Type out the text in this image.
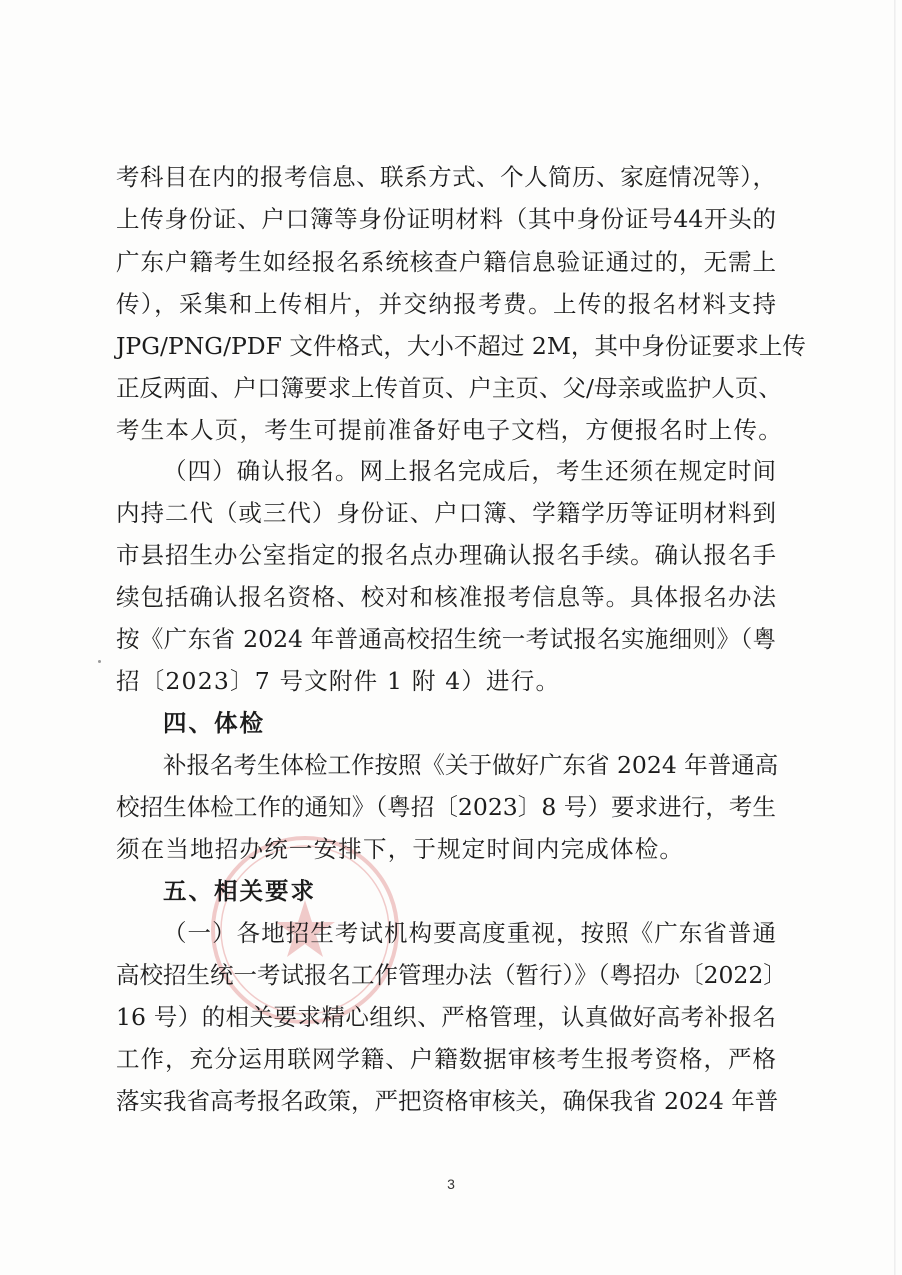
考科目在内的报考信息、联系方式、个人简历、家庭情况等），
上传身份证、户口簿等身份证明材料（其中身份证号44开头的
广东户籍考生如经报名系统核查户籍信息验证通过的，无需上
传），采集和上传相片，并交纳报考费。上传的报名材料支持
JPG/PNG/PDF 文件格式，大小不超过 2M，其中身份证要求上传
正反两面、户口簿要求上传首页、户主页、父/母亲或监护人页、
考生本人页，考生可提前准备好电子文档，方便报名时上传。
（四）确认报名。网上报名完成后，考生还须在规定时间
内持二代（或三代）身份证、户口簿、学籍学历等证明材料到
市县招生办公室指定的报名点办理确认报名手续。确认报名手
续包括确认报名资格、校对和核准报考信息等。具体报名办法
按《广东省 2024 年普通高校招生统一考试报名实施细则》（粤
招〔2023〕7 号文附件 1 附 4）进行。
四、体检
补报名考生体检工作按照《关于做好广东省 2024 年普通高
校招生体检工作的通知》（粤招〔2023〕8 号）要求进行，考生
须在当地招办统一安排下，于规定时间内完成体检。
五、相关要求
（一）各地招生考试机构要高度重视，按照《广东省普通
高校招生统一考试报名工作管理办法（暂行）》（粤招办〔2022〕
16 号）的相关要求精心组织、严格管理，认真做好高考补报名
工作，充分运用联网学籍、户籍数据审核考生报考资格，严格
落实我省高考报名政策，严把资格审核关，确保我省 2024 年普
3
